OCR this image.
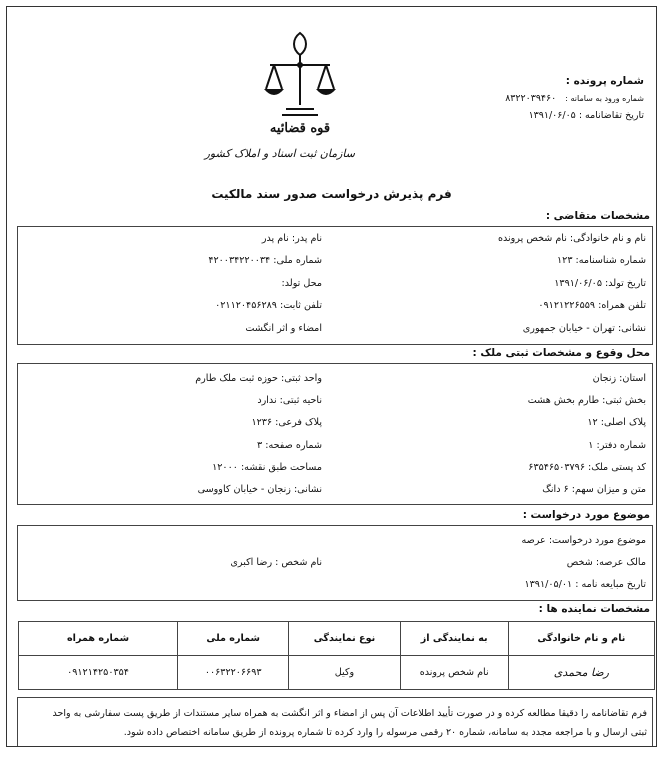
قوه قضائیه
سازمان ثبت اسناد و املاک کشور
شماره پرونده :
شماره ورود به سامانه : ۸۳۲۲۰۳۹۴۶۰
تاریخ تقاضانامه : ۱۳۹۱/۰۶/۰۵
فرم پذیرش درخواست صدور سند مالکیت
مشخصات متقاضی :
نام و نام خانوادگی: نام شخص پرونده
نام پدر: نام پدر
شماره شناسنامه: ۱۲۳
شماره ملی: ۴۲۰۰۳۴۲۲۰۰۳۴
تاریخ تولد: ۱۳۹۱/۰۶/۰۵
محل تولد:
تلفن همراه: ۰۹۱۲۱۲۲۶۵۵۹
تلفن ثابت: ۰۲۱۱۲۰۴۵۶۲۸۹
نشانی: تهران - خیابان جمهوری
امضاء و اثر انگشت
محل وقوع و مشخصات ثبتی ملک :
استان: زنجان
واحد ثبتی: حوزه ثبت ملک طارم
بخش ثبتی: طارم بخش هشت
ناحیه ثبتی: ندارد
پلاک اصلی: ۱۲
پلاک فرعی: ۱۲۳۶
شماره دفتر: ۱
شماره صفحه: ۳
کد پستی ملک: ۶۳۵۴۶۵۰۳۷۹۶
مساحت طبق نقشه: ۱۲۰۰۰
متن و میزان سهم: ۶ دانگ
نشانی: زنجان - خیابان کاووسی
موضوع مورد درخواست :
موضوع مورد درخواست: عرصه
مالک عرصه: شخص
نام شخص : رضا اکبری
تاریخ مبایعه نامه : ۱۳۹۱/۰۵/۰۱
مشخصات نماینده ها :
نام و نام خانوادگی	به نمایندگی از	نوع نمایندگی	شماره ملی	شماره همراه
رضا محمدی	نام شخص پرونده	وکیل	۰۰۶۳۲۲۰۶۶۹۳	۰۹۱۲۱۴۲۵۰۳۵۴
فرم تقاضانامه را دقیقا مطالعه کرده و در صورت تأیید اطلاعات آن پس از امضاء و اثر انگشت به همراه سایر مستندات از طریق پست سفارشی به واحد
ثبتی ارسال و با مراجعه مجدد به سامانه، شماره ۲۰ رقمی مرسوله را وارد کرده تا شماره پرونده از طریق سامانه اختصاص داده شود.
